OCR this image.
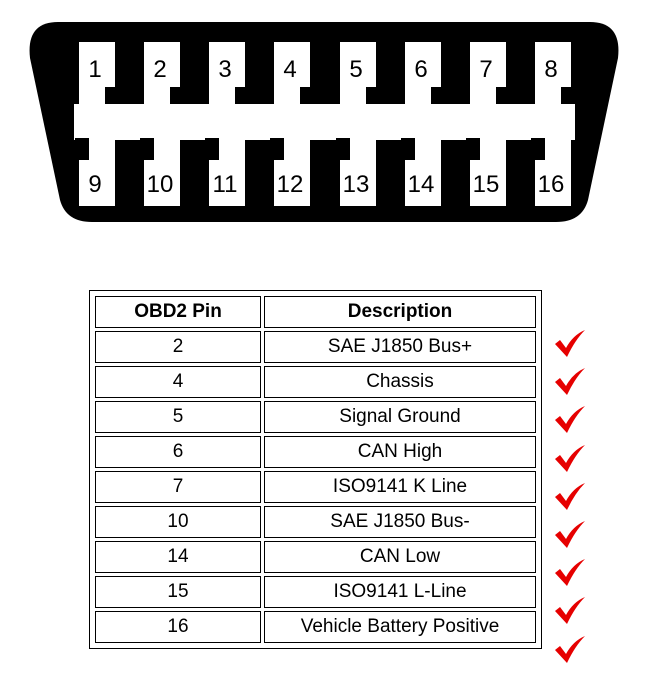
1 2 3 4 5 6 7 8
9 10 11 12 13 14 15 16
OBD2 Pin	Description
2	SAE J1850 Bus+
4	Chassis
5	Signal Ground
6	CAN High
7	ISO9141 K Line
10	SAE J1850 Bus-
14	CAN Low
15	ISO9141 L-Line
16	Vehicle Battery Positive
